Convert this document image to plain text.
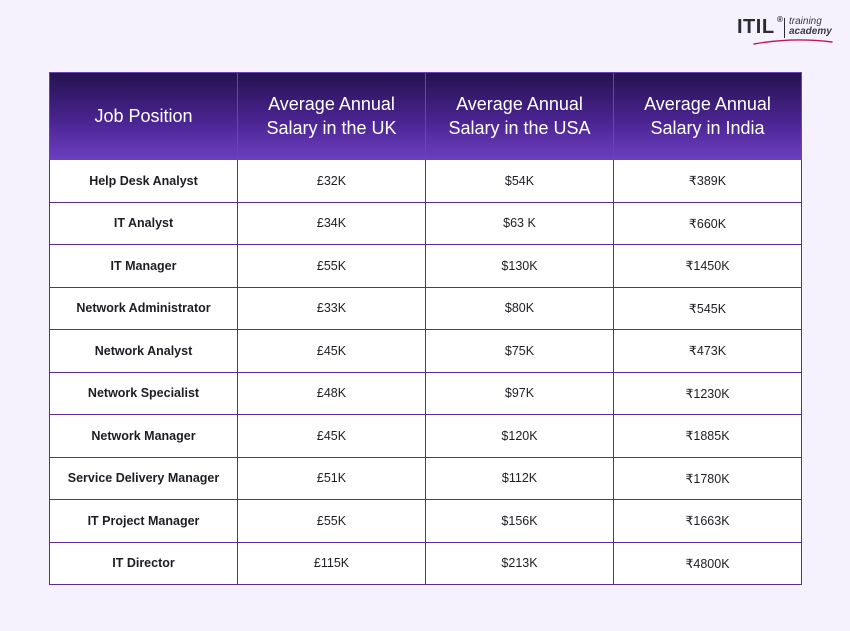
ITIL ® training
academy
Job Position	Average Annual Salary in the UK	Average Annual Salary in the USA	Average Annual Salary in India
Help Desk Analyst	£32K	$54K	₹389K
IT Analyst	£34K	$63 K	₹660K
IT Manager	£55K	$130K	₹1450K
Network Administrator	£33K	$80K	₹545K
Network Analyst	£45K	$75K	₹473K
Network Specialist	£48K	$97K	₹1230K
Network Manager	£45K	$120K	₹1885K
Service Delivery Manager	£51K	$112K	₹1780K
IT Project Manager	£55K	$156K	₹1663K
IT Director	£115K	$213K	₹4800K
